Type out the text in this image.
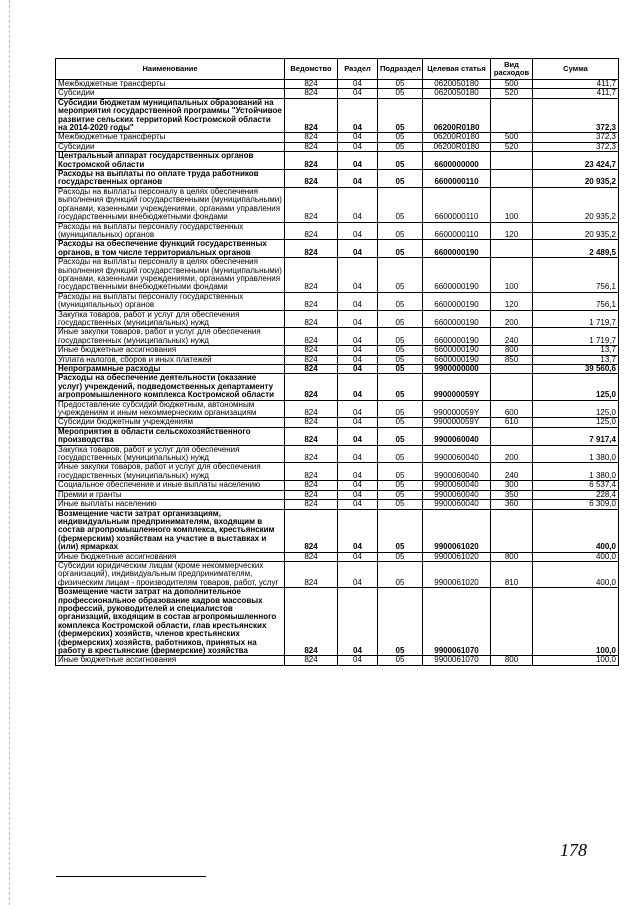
Наименование	Ведомство	Раздел	Подраздел	Целевая статья	Вид расходов	Сумма
Межбюджетные трансферты	824	04	05	0620050180	500	411,7
Субсидии	824	04	05	0620050180	520	411,7
Субсидии бюджетам муниципальных образований на мероприятия государственной программы "Устойчивое развитие сельских территорий Костромской области на 2014-2020 годы"	824	04	05	06200R0180		372,3
Межбюджетные трансферты	824	04	05	06200R0180	500	372,3
Субсидии	824	04	05	06200R0180	520	372,3
Центральный аппарат государственных органов Костромской области	824	04	05	6600000000		23 424,7
Расходы на выплаты по оплате труда работников государственных органов	824	04	05	6600000110		20 935,2
Расходы на выплаты персоналу в целях обеспечения выполнения функций государственными (муниципальными) органами, казенными учреждениями, органами управления государственными внебюджетными фондами	824	04	05	6600000110	100	20 935,2
Расходы на выплаты персоналу государственных (муниципальных) органов	824	04	05	6600000110	120	20 935,2
Расходы на обеспечение функций государственных органов, в том числе территориальных органов	824	04	05	6600000190		2 489,5
Расходы на выплаты персоналу в целях обеспечения выполнения функций государственными (муниципальными) органами, казенными учреждениями, органами управления государственными внебюджетными фондами	824	04	05	6600000190	100	756,1
Расходы на выплаты персоналу государственных (муниципальных) органов	824	04	05	6600000190	120	756,1
Закупка товаров, работ и услуг для обеспечения государственных (муниципальных) нужд	824	04	05	6600000190	200	1 719,7
Иные закупки товаров, работ и услуг для обеспечения государственных (муниципальных) нужд	824	04	05	6600000190	240	1 719,7
Иные бюджетные ассигнования	824	04	05	6600000190	800	13,7
Уплата налогов, сборов и иных платежей	824	04	05	6600000190	850	13,7
Непрограммные расходы	824	04	05	9900000000		39 560,6
Расходы на обеспечение деятельности (оказание услуг) учреждений, подведомственных департаменту агропромышленного комплекса Костромской области	824	04	05	990000059Y		125,0
Предоставление субсидий бюджетным, автономным учреждениям и иным некоммерческим организациям	824	04	05	990000059Y	600	125,0
Субсидии бюджетным учреждениям	824	04	05	990000059Y	610	125,0
Мероприятия в области сельскохозяйственного производства	824	04	05	9900060040		7 917,4
Закупка товаров, работ и услуг для обеспечения государственных (муниципальных) нужд	824	04	05	9900060040	200	1 380,0
Иные закупки товаров, работ и услуг для обеспечения государственных (муниципальных) нужд	824	04	05	9900060040	240	1 380,0
Социальное обеспечение и иные выплаты населению	824	04	05	9900060040	300	6 537,4
Премии и гранты	824	04	05	9900060040	350	228,4
Иные выплаты населению	824	04	05	9900060040	360	6 309,0
Возмещение части затрат организациям, индивидуальным предпринимателям, входящим в состав агропромышленного комплекса, крестьянским (фермерским) хозяйствам на участие в выставках и (или) ярмарках	824	04	05	9900061020		400,0
Иные бюджетные ассигнования	824	04	05	9900061020	800	400,0
Субсидии юридическим лицам (кроме некоммерческих организаций), индивидуальным предпринимателям, физическим лицам - производителям товаров, работ, услуг	824	04	05	9900061020	810	400,0
Возмещение части затрат на дополнительное профессиональное образование кадров массовых профессий, руководителей и специалистов организаций, входящим в состав агропромышленного комплекса Костромской области, глав крестьянских (фермерских) хозяйств, членов крестьянских (фермерских) хозяйств, работников, принятых на работу в крестьянские (фермерские) хозяйства	824	04	05	9900061070		100,0
Иные бюджетные ассигнования	824	04	05	9900061070	800	100,0
178
